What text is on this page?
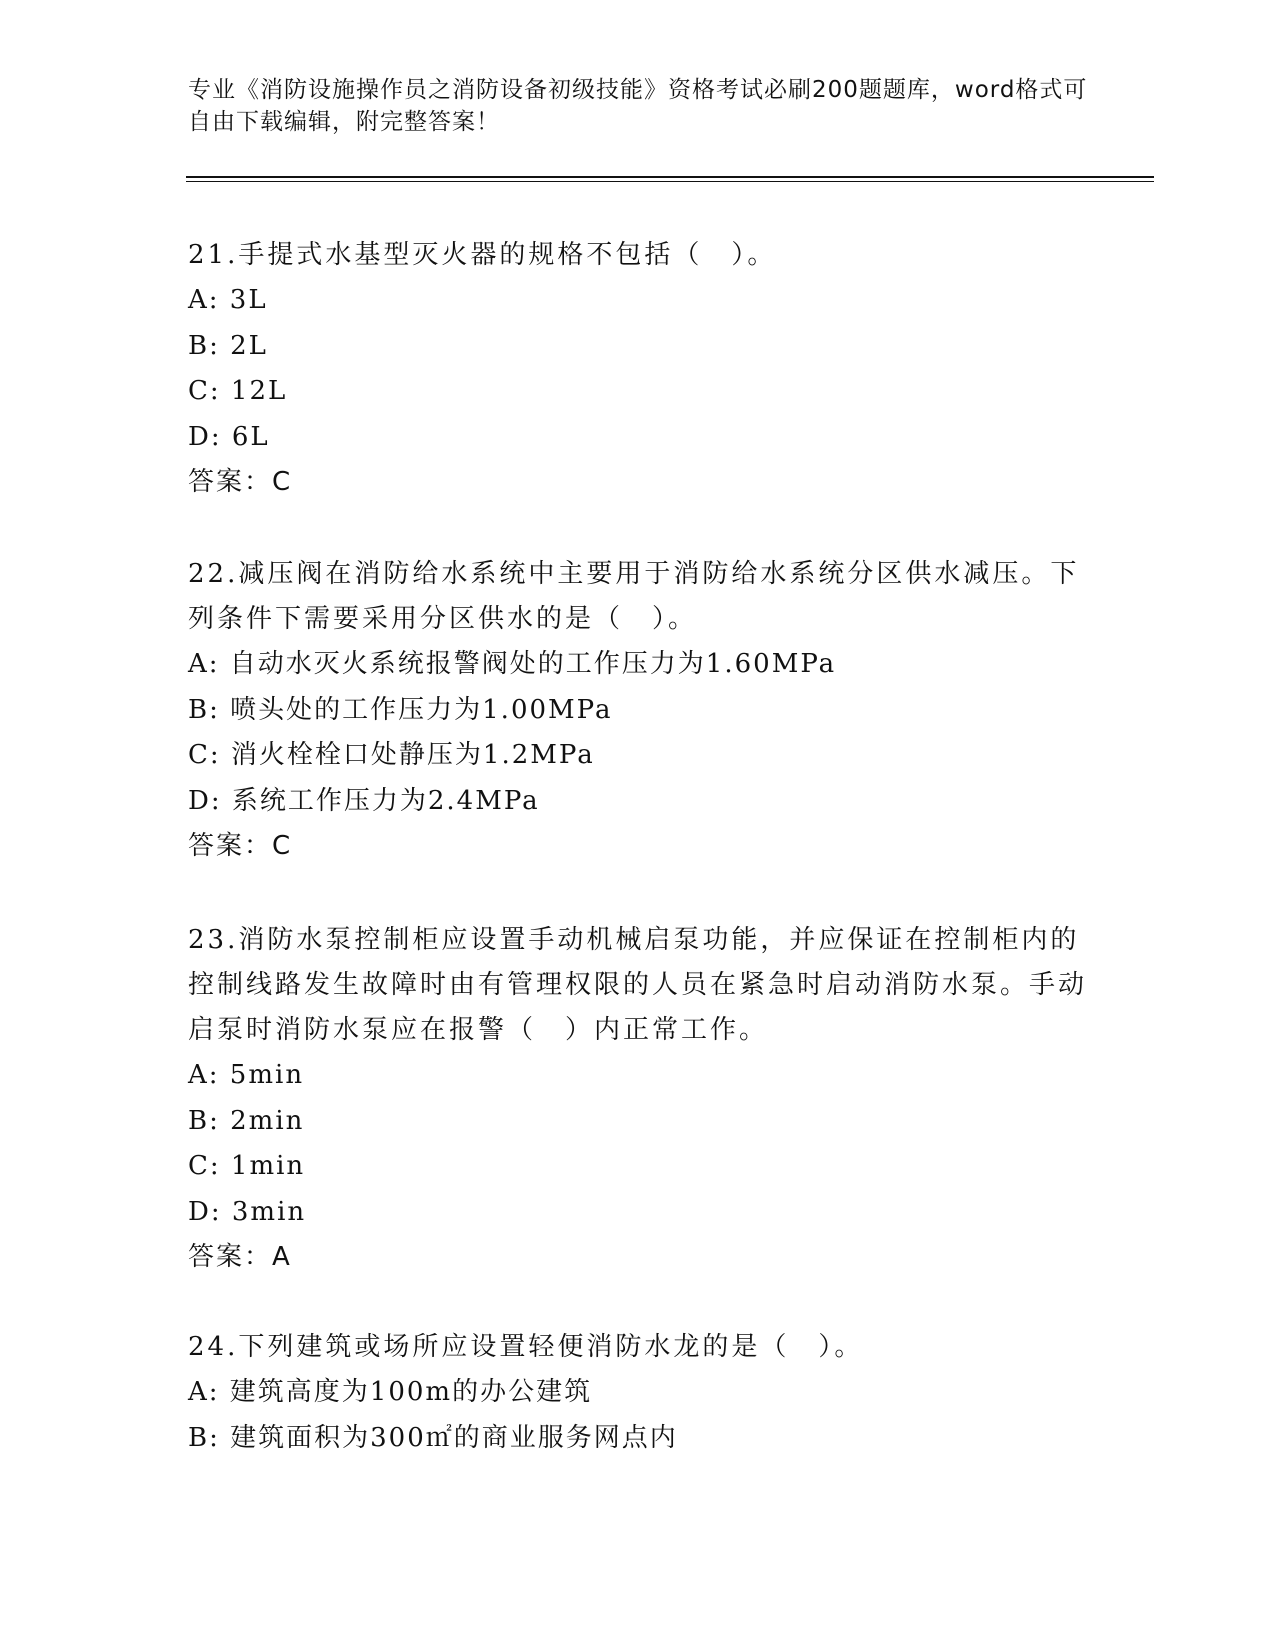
专业《消防设施操作员之消防设备初级技能》资格考试必刷200题题库，word格式可自由下载编辑，附完整答案！

21.手提式水基型灭火器的规格不包括（　）。

A: 3L

B: 2L

C: 12L

D: 6L

答案：C

22.减压阀在消防给水系统中主要用于消防给水系统分区供水减压。下列条件下需要采用分区供水的是（　）。

A: 自动水灭火系统报警阀处的工作压力为1.60MPa

B: 喷头处的工作压力为1.00MPa

C: 消火栓栓口处静压为1.2MPa

D: 系统工作压力为2.4MPa

答案：C

23.消防水泵控制柜应设置手动机械启泵功能，并应保证在控制柜内的控制线路发生故障时由有管理权限的人员在紧急时启动消防水泵。手动启泵时消防水泵应在报警（　）内正常工作。

A: 5min

B: 2min

C: 1min

D: 3min

答案：A

24.下列建筑或场所应设置轻便消防水龙的是（　）。

A: 建筑高度为100m的办公建筑

B: 建筑面积为300㎡的商业服务网点内
